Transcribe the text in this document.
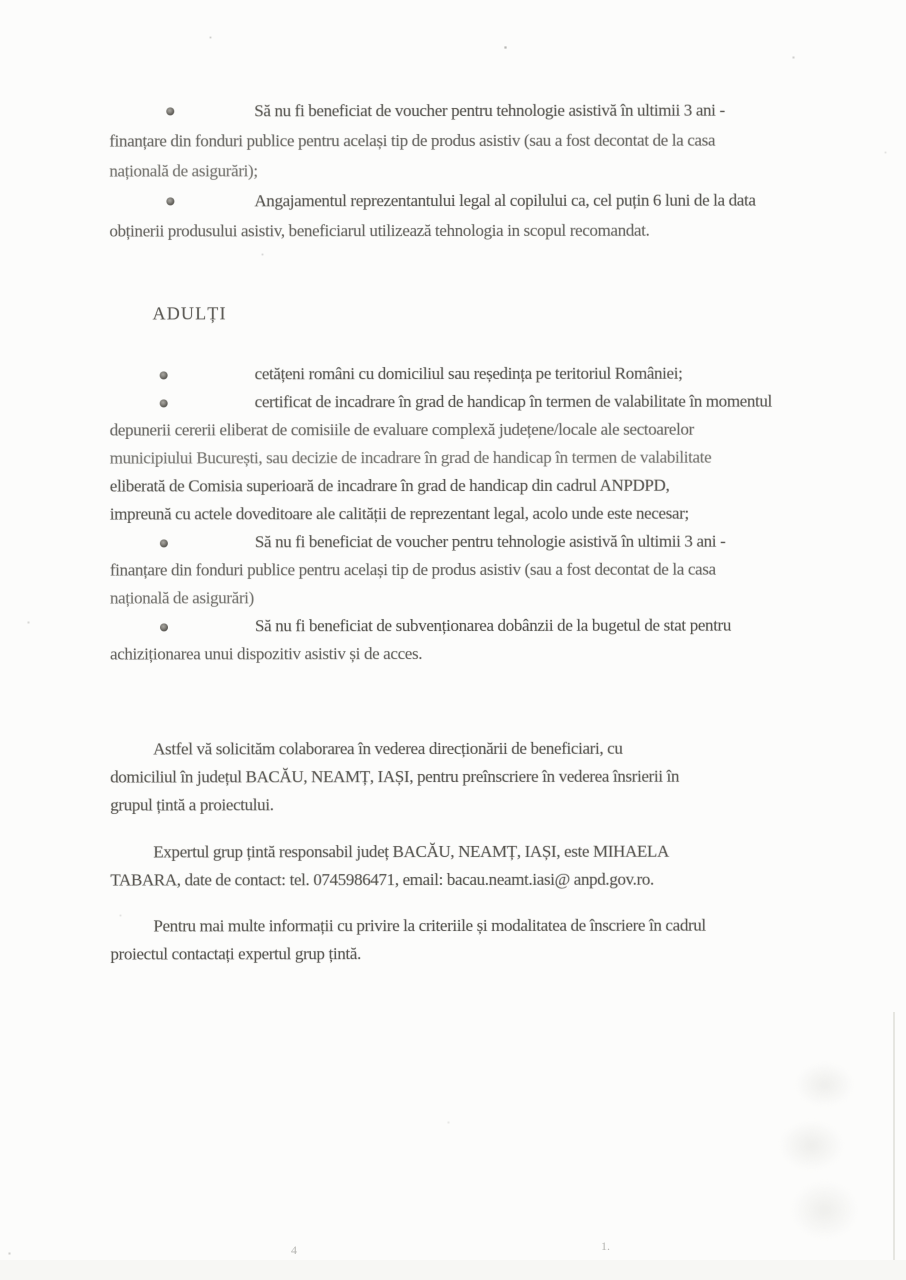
Să nu fi beneficiat de voucher pentru tehnologie asistivă în ultimii 3 ani -
finanțare din fonduri publice pentru același tip de produs asistiv (sau a fost decontat de la casa
națională de asigurări);
Angajamentul reprezentantului legal al copilului ca, cel puțin 6 luni de la data
obținerii produsului asistiv, beneficiarul utilizează tehnologia in scopul recomandat.
ADULȚI
cetățeni români cu domiciliul sau reședința pe teritoriul României;
certificat de incadrare în grad de handicap în termen de valabilitate în momentul
depunerii cererii eliberat de comisiile de evaluare complexă județene/locale ale sectoarelor
municipiului București, sau decizie de incadrare în grad de handicap în termen de valabilitate
eliberată de Comisia superioară de incadrare în grad de handicap din cadrul ANPDPD,
impreună cu actele doveditoare ale calității de reprezentant legal, acolo unde este necesar;
Să nu fi beneficiat de voucher pentru tehnologie asistivă în ultimii 3 ani -
finanțare din fonduri publice pentru același tip de produs asistiv (sau a fost decontat de la casa
națională de asigurări)
Să nu fi beneficiat de subvenționarea dobânzii de la bugetul de stat pentru
achiziționarea unui dispozitiv asistiv și de acces.
Astfel vă solicităm colaborarea în vederea direcționării de beneficiari, cu
domiciliul în județul BACĂU, NEAMȚ, IAȘI, pentru preînscriere în vederea însrierii în
grupul țintă a proiectului.
Expertul grup țintă responsabil județ BACĂU, NEAMȚ, IAȘI, este MIHAELA
TABARA, date de contact: tel. 0745986471, email: bacau.neamt.iasi@ anpd.gov.ro.
Pentru mai multe informații cu privire la criteriile și modalitatea de înscriere în cadrul
proiectul contactați expertul grup țintă.
4	1.
